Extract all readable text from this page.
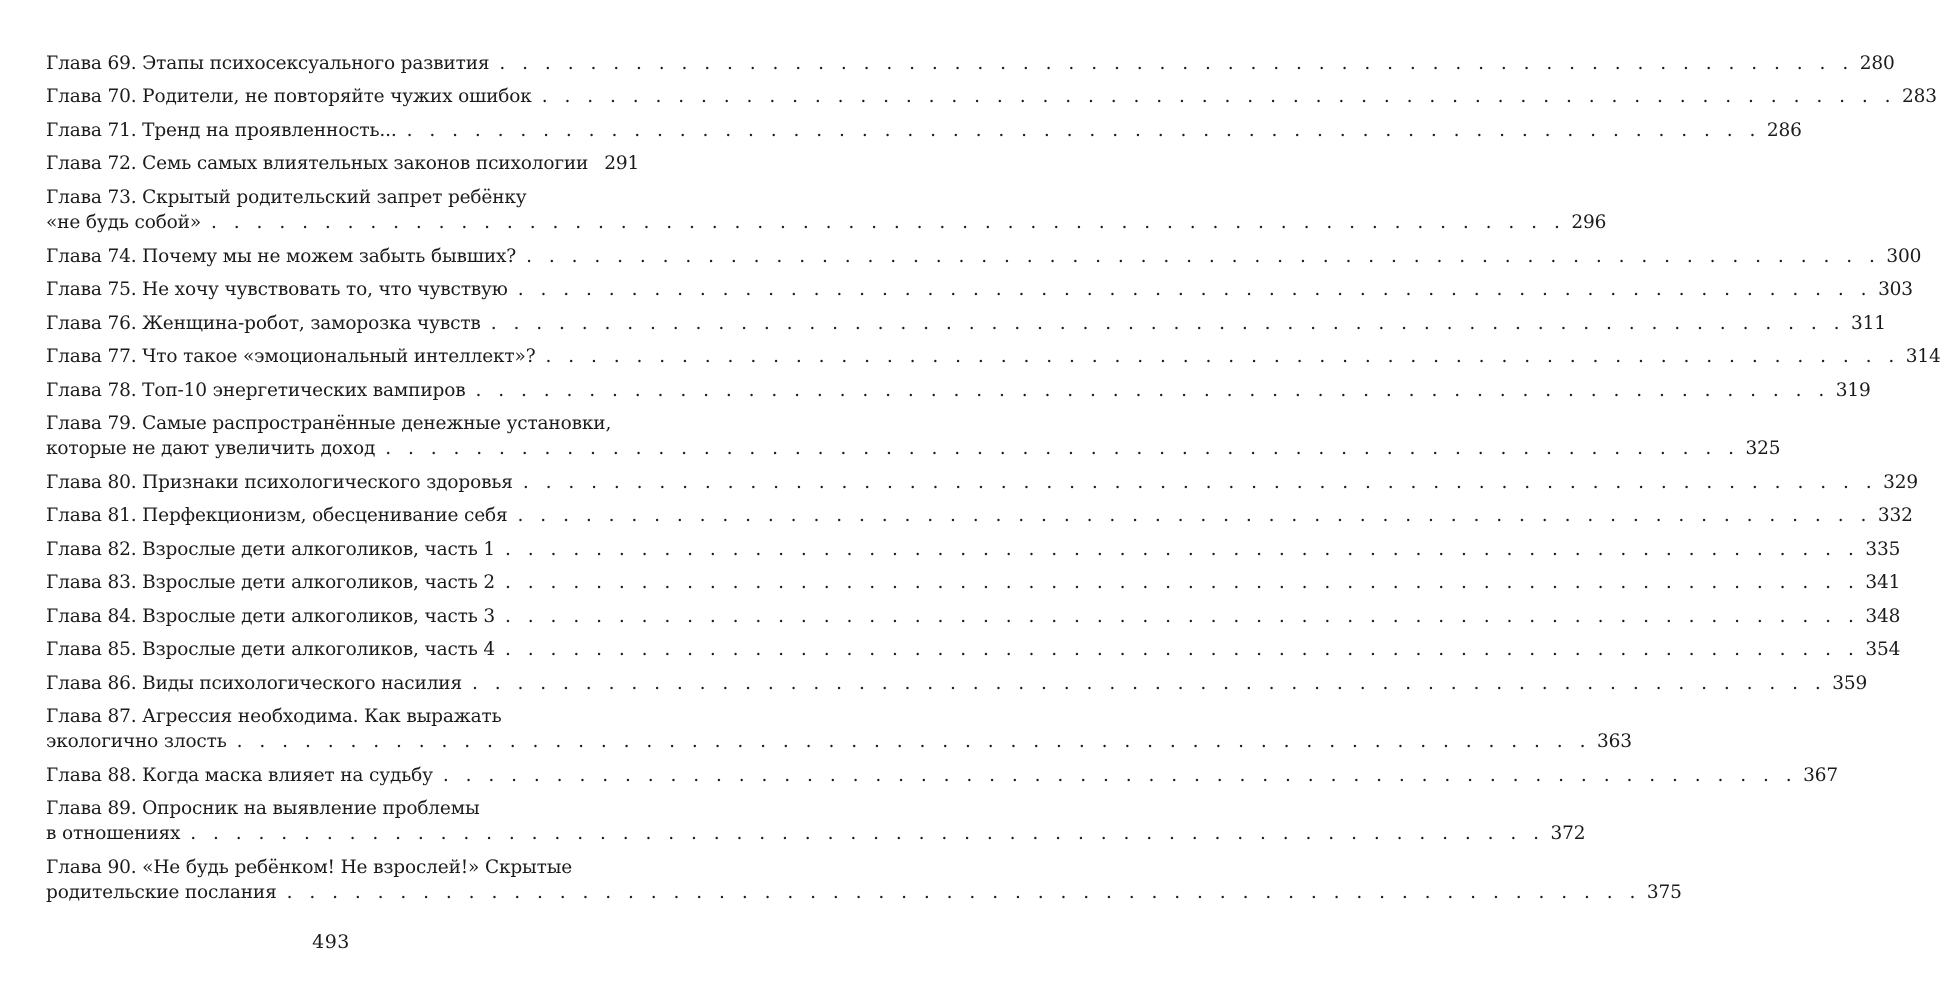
Глава 69. Этапы психосексуального развития . . . . . . . . . . . . . . . . . . . . . . . . . . . . . . . . . . . . . . . . . . . . . . . . . . . . . . . . . . . . 280
Глава 70. Родители, не повторяйте чужих ошибок . . . . . . . . . . . . . . . . . . . . . . . . . . . . . . . . . . . . . . . . . . . . . . . . . . . . . . . . . . . . 283
Глава 71. Тренд на проявленность... . . . . . . . . . . . . . . . . . . . . . . . . . . . . . . . . . . . . . . . . . . . . . . . . . . . . . . . . . . . . 286
Глава 72. Семь самых влиятельных законов психологии 291
Глава 73. Скрытый родительский запрет ребёнку
«не будь собой» . . . . . . . . . . . . . . . . . . . . . . . . . . . . . . . . . . . . . . . . . . . . . . . . . . . . . . . . . . . . 296
Глава 74. Почему мы не можем забыть бывших? . . . . . . . . . . . . . . . . . . . . . . . . . . . . . . . . . . . . . . . . . . . . . . . . . . . . . . . . . . . . 300
Глава 75. Не хочу чувствовать то, что чувствую . . . . . . . . . . . . . . . . . . . . . . . . . . . . . . . . . . . . . . . . . . . . . . . . . . . . . . . . . . . . 303
Глава 76. Женщина-робот, заморозка чувств . . . . . . . . . . . . . . . . . . . . . . . . . . . . . . . . . . . . . . . . . . . . . . . . . . . . . . . . . . . . 311
Глава 77. Что такое «эмоциональный интеллект»? . . . . . . . . . . . . . . . . . . . . . . . . . . . . . . . . . . . . . . . . . . . . . . . . . . . . . . . . . . . . 314
Глава 78. Топ-10 энергетических вампиров . . . . . . . . . . . . . . . . . . . . . . . . . . . . . . . . . . . . . . . . . . . . . . . . . . . . . . . . . . . . 319
Глава 79. Самые распространённые денежные установки,
которые не дают увеличить доход . . . . . . . . . . . . . . . . . . . . . . . . . . . . . . . . . . . . . . . . . . . . . . . . . . . . . . . . . . . . 325
Глава 80. Признаки психологического здоровья . . . . . . . . . . . . . . . . . . . . . . . . . . . . . . . . . . . . . . . . . . . . . . . . . . . . . . . . . . . . 329
Глава 81. Перфекционизм, обесценивание себя . . . . . . . . . . . . . . . . . . . . . . . . . . . . . . . . . . . . . . . . . . . . . . . . . . . . . . . . . . . . 332
Глава 82. Взрослые дети алкоголиков, часть 1 . . . . . . . . . . . . . . . . . . . . . . . . . . . . . . . . . . . . . . . . . . . . . . . . . . . . . . . . . . . . 335
Глава 83. Взрослые дети алкоголиков, часть 2 . . . . . . . . . . . . . . . . . . . . . . . . . . . . . . . . . . . . . . . . . . . . . . . . . . . . . . . . . . . . 341
Глава 84. Взрослые дети алкоголиков, часть 3 . . . . . . . . . . . . . . . . . . . . . . . . . . . . . . . . . . . . . . . . . . . . . . . . . . . . . . . . . . . . 348
Глава 85. Взрослые дети алкоголиков, часть 4 . . . . . . . . . . . . . . . . . . . . . . . . . . . . . . . . . . . . . . . . . . . . . . . . . . . . . . . . . . . . 354
Глава 86. Виды психологического насилия . . . . . . . . . . . . . . . . . . . . . . . . . . . . . . . . . . . . . . . . . . . . . . . . . . . . . . . . . . . . 359
Глава 87. Агрессия необходима. Как выражать
экологично злость . . . . . . . . . . . . . . . . . . . . . . . . . . . . . . . . . . . . . . . . . . . . . . . . . . . . . . . . . . . . 363
Глава 88. Когда маска влияет на судьбу . . . . . . . . . . . . . . . . . . . . . . . . . . . . . . . . . . . . . . . . . . . . . . . . . . . . . . . . . . . . 367
Глава 89. Опросник на выявление проблемы
в отношениях . . . . . . . . . . . . . . . . . . . . . . . . . . . . . . . . . . . . . . . . . . . . . . . . . . . . . . . . . . . . 372
Глава 90. «Не будь ребёнком! Не взрослей!» Скрытые
родительские послания . . . . . . . . . . . . . . . . . . . . . . . . . . . . . . . . . . . . . . . . . . . . . . . . . . . . . . . . . . . . 375
493
